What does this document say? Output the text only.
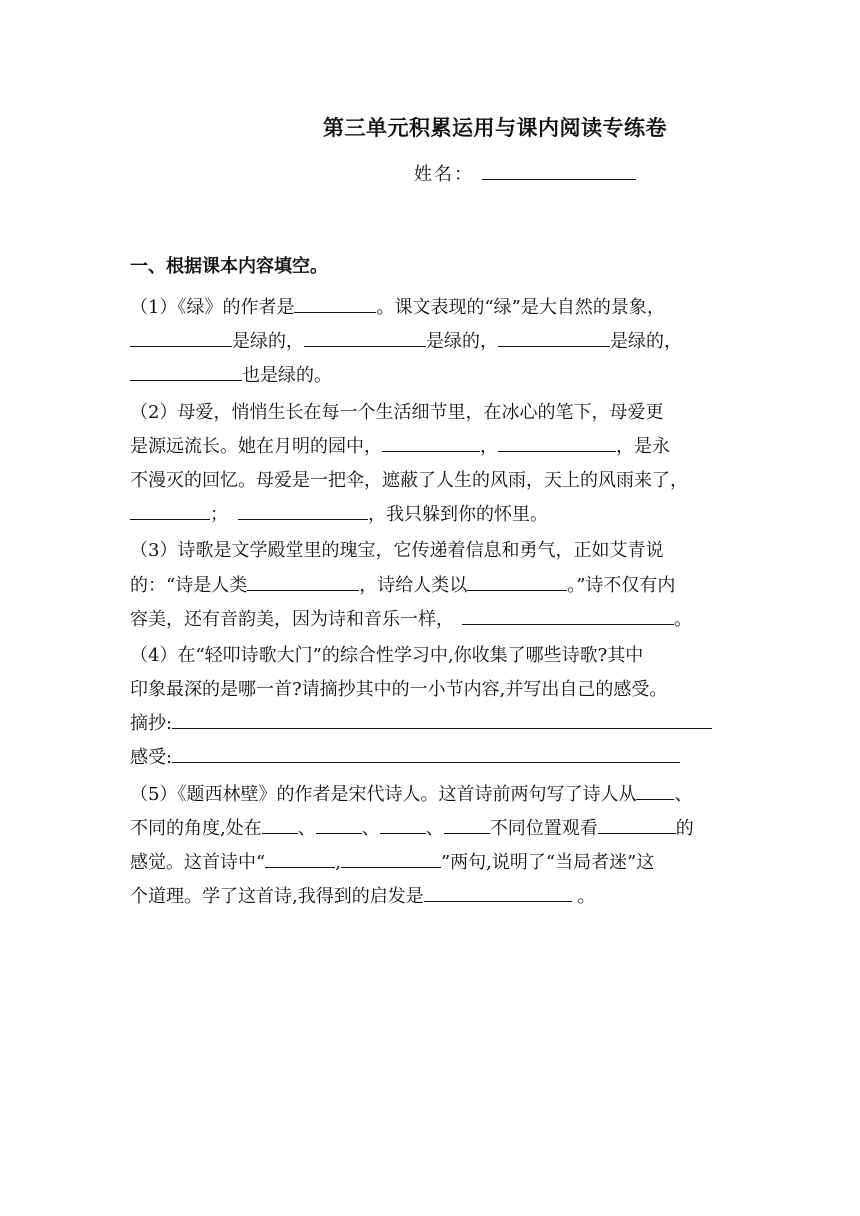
第三单元积累运用与课内阅读专练卷
姓名：
一、根据课本内容填空。
（1）《绿》的作者是	。课文表现的“绿”是大自然的景象，
是绿的，	是绿的，	是绿的，
也是绿的。
（2）母爱，悄悄生长在每一个生活细节里，在冰心的笔下，母爱更
是源远流长。她在月明的园中，	，	，是永
不漫灭的回忆。母爱是一把伞，遮蔽了人生的风雨，天上的风雨来了，
；	，我只躲到你的怀里。
（3）诗歌是文学殿堂里的瑰宝，它传递着信息和勇气，正如艾青说
的：“诗是人类	，诗给人类以	。”诗不仅有内
容美，还有音韵美，因为诗和音乐一样，	。
（4）在“轻叩诗歌大门”的综合性学习中,你收集了哪些诗歌?其中
印象最深的是哪一首?请摘抄其中的一小节内容,并写出自己的感受。
摘抄:
感受:
（5）《题西林壁》的作者是宋代诗人。这首诗前两句写了诗人从 、
不同的角度,处在 、	、	、	不同位置观看	的
感觉。这首诗中“	,	”两句,说明了“当局者迷”这
个道理。学了这首诗,我得到的启发是	。
